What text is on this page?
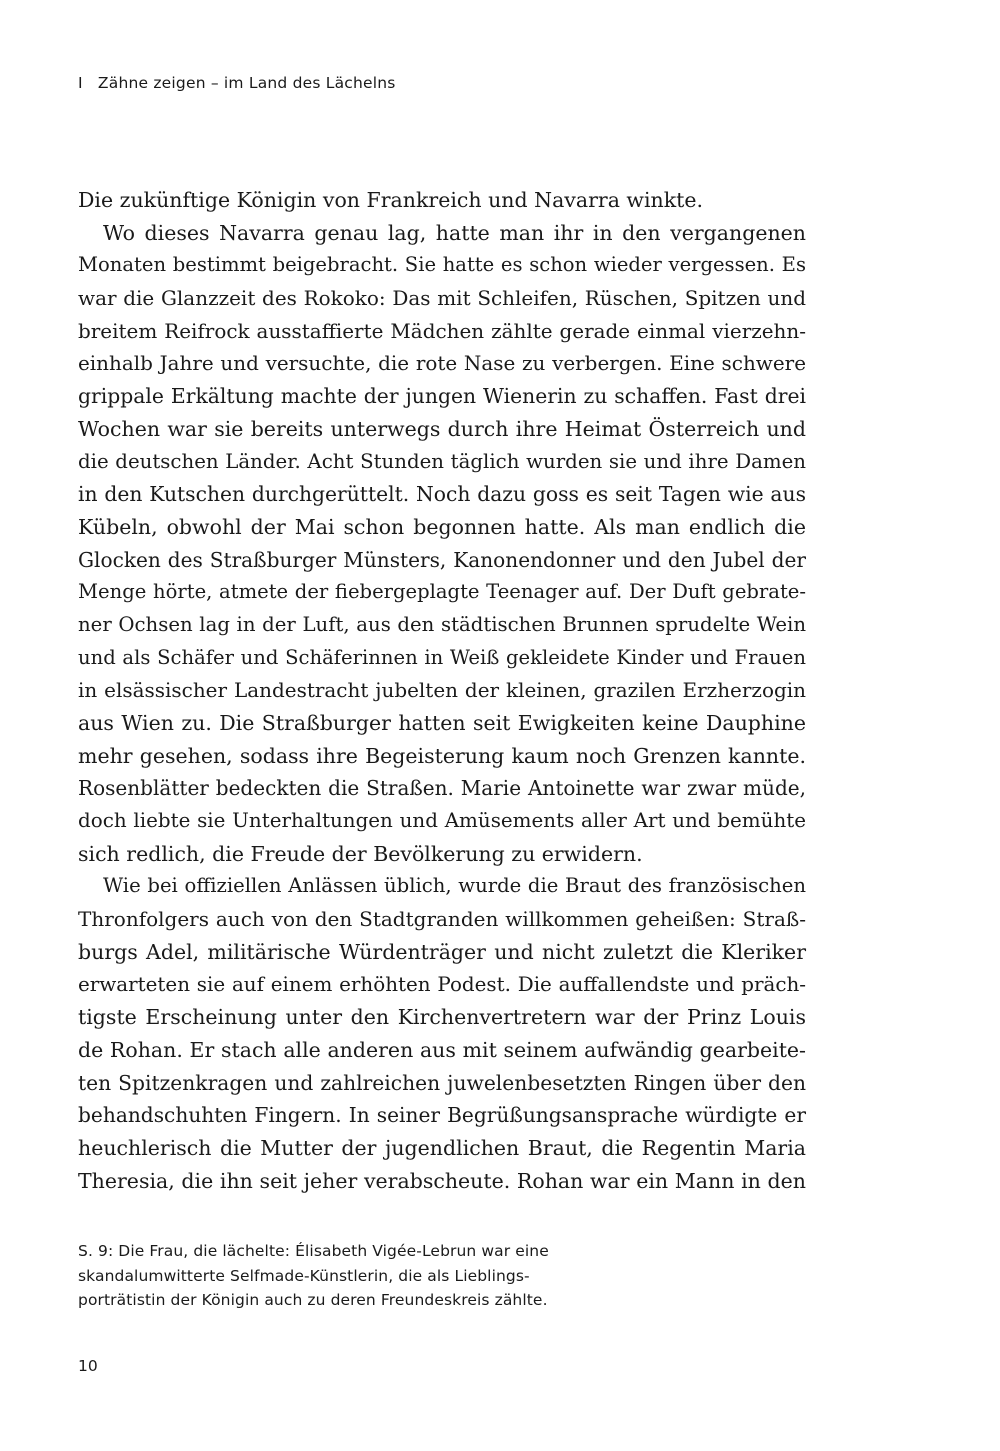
I Zähne zeigen – im Land des Lächelns
Die zukünftige Königin von Frankreich und Navarra winkte.
Wo dieses Navarra genau lag, hatte man ihr in den vergangenen
Monaten bestimmt beigebracht. Sie hatte es schon wieder vergessen. Es
war die Glanzzeit des Rokoko: Das mit Schleifen, Rüschen, Spitzen und
breitem Reifrock ausstaffierte Mädchen zählte gerade einmal vierzehn-
einhalb Jahre und versuchte, die rote Nase zu verbergen. Eine schwere
grippale Erkältung machte der jungen Wienerin zu schaffen. Fast drei
Wochen war sie bereits unterwegs durch ihre Heimat Österreich und
die deutschen Länder. Acht Stunden täglich wurden sie und ihre Damen
in den Kutschen durchgerüttelt. Noch dazu goss es seit Tagen wie aus
Kübeln, obwohl der Mai schon begonnen hatte. Als man endlich die
Glocken des Straßburger Münsters, Kanonendonner und den Jubel der
Menge hörte, atmete der fiebergeplagte Teenager auf. Der Duft gebrate-
ner Ochsen lag in der Luft, aus den städtischen Brunnen sprudelte Wein
und als Schäfer und Schäferinnen in Weiß gekleidete Kinder und Frauen
in elsässischer Landestracht jubelten der kleinen, grazilen Erzherzogin
aus Wien zu. Die Straßburger hatten seit Ewigkeiten keine Dauphine
mehr gesehen, sodass ihre Begeisterung kaum noch Grenzen kannte.
Rosenblätter bedeckten die Straßen. Marie Antoinette war zwar müde,
doch liebte sie Unterhaltungen und Amüsements aller Art und bemühte
sich redlich, die Freude der Bevölkerung zu erwidern.
Wie bei offiziellen Anlässen üblich, wurde die Braut des französischen
Thronfolgers auch von den Stadtgranden willkommen geheißen: Straß-
burgs Adel, militärische Würdenträger und nicht zuletzt die Kleriker
erwarteten sie auf einem erhöhten Podest. Die auffallendste und präch-
tigste Erscheinung unter den Kirchenvertretern war der Prinz Louis
de Rohan. Er stach alle anderen aus mit seinem aufwändig gearbeite-
ten Spitzenkragen und zahlreichen juwelenbesetzten Ringen über den
behandschuhten Fingern. In seiner Begrüßungsansprache würdigte er
heuchlerisch die Mutter der jugendlichen Braut, die Regentin Maria
Theresia, die ihn seit jeher verabscheute. Rohan war ein Mann in den
S. 9: Die Frau, die lächelte: Élisabeth Vigée-Lebrun war eine
skandalumwitterte Selfmade-Künstlerin, die als Lieblings-
porträtistin der Königin auch zu deren Freundeskreis zählte.
10
